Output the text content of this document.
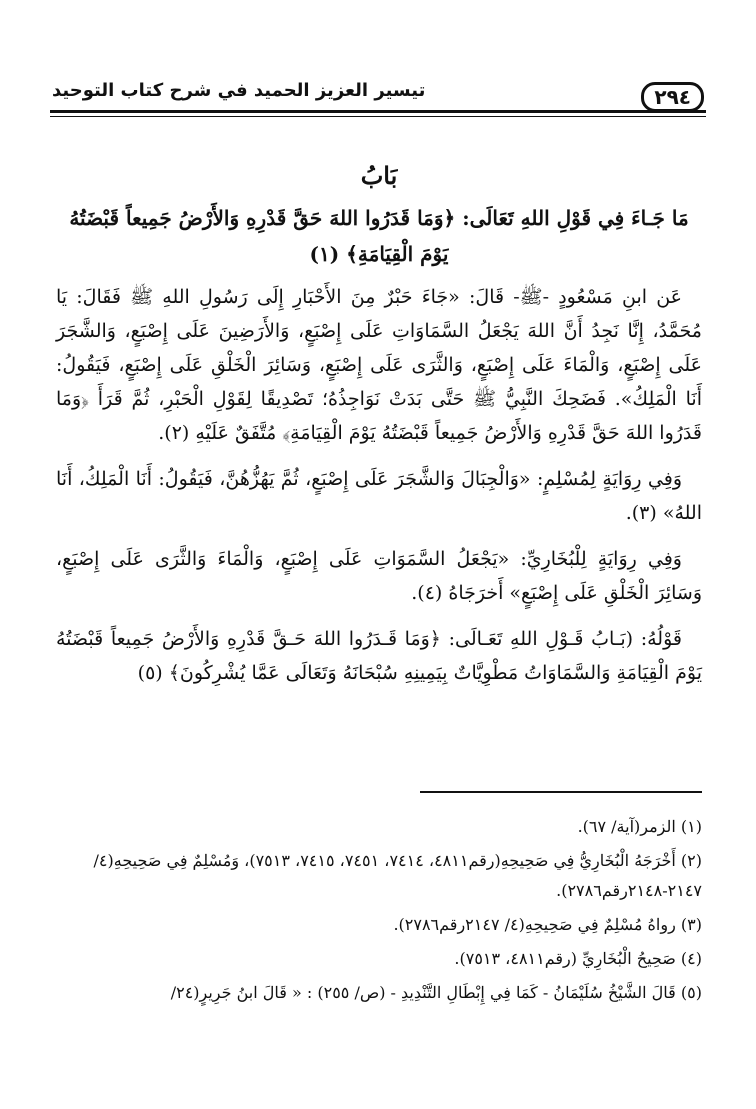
٢٩٤
تيسير العزيز الحميد في شرح كتاب التوحيد
بَابُ
مَا جَـاءَ فِي قَوْلِ اللهِ تَعَالَى: ﴿وَمَا قَدَرُوا اللهَ حَقَّ قَدْرِهِ وَالأَرْضُ جَمِيعاً قَبْضَتُهُ يَوْمَ الْقِيَامَةِ﴾ (١)

عَن ابنِ مَسْعُودٍ -ﷺ- قَالَ: «جَاءَ حَبْرٌ مِنَ الأَحْبَارِ إِلَى رَسُولِ اللهِ ﷺ فَقَالَ: يَا مُحَمَّدُ، إِنَّا نَجِدُ أَنَّ اللهَ يَجْعَلُ السَّمَاوَاتِ عَلَى إِصْبَعٍ، وَالأَرَضِينَ عَلَى إِصْبَعٍ، وَالشَّجَرَ عَلَى إِصْبَعٍ، وَالْمَاءَ عَلَى إِصْبَعٍ، وَالثَّرَى عَلَى إِصْبَعٍ، وَسَائِرَ الْخَلْقِ عَلَى إِصْبَعٍ، فَيَقُولُ: أَنَا الْمَلِكُ». فَضَحِكَ النَّبِيُّ ﷺ حَتَّى بَدَتْ نَوَاجِذُهُ؛ تَصْدِيقًا لِقَوْلِ الْحَبْرِ، ثُمَّ قَرَأَ ﴿وَمَا قَدَرُوا اللهَ حَقَّ قَدْرِهِ وَالأَرْضُ جَمِيعاً قَبْضَتُهُ يَوْمَ الْقِيَامَةِ﴾ مُتَّفَقٌ عَلَيْهِ (٢).

وَفِي رِوَايَةٍ لِمُسْلِمٍ: «وَالْجِبَالَ وَالشَّجَرَ عَلَى إِصْبَعٍ، ثُمَّ يَهُزُّهُنَّ، فَيَقُولُ: أَنَا الْمَلِكُ، أَنَا اللهُ» (٣).

وَفِي رِوَايَةٍ لِلْبُخَارِيِّ: «يَجْعَلُ السَّمَوَاتِ عَلَى إِصْبَعٍ، وَالْمَاءَ وَالثَّرَى عَلَى إِصْبَعٍ، وَسَائِرَ الْخَلْقِ عَلَى إِصْبَعٍ» أَخرَجَاهُ (٤).

قَوْلُهُ: (بَـابُ قَـوْلِ اللهِ تَعَـالَى: ﴿وَمَا قَـدَرُوا اللهَ حَـقَّ قَدْرِهِ وَالأَرْضُ جَمِيعاً قَبْضَتُهُ يَوْمَ الْقِيَامَةِ وَالسَّمَاوَاتُ مَطْوِيَّاتٌ بِيَمِينِهِ سُبْحَانَهُ وَتَعَالَى عَمَّا يُشْرِكُونَ﴾ (٥)

(١) الزمر(آية/ ٦٧).

(٢) أَخْرَجَهُ الْبُخَارِيُّ فِي صَحِيحِهِ(رقم٤٨١١، ٧٤١٤، ٧٤٥١، ٧٤١٥، ٧٥١٣)، وَمُسْلِمٌ فِي صَحِيحِهِ(٤/ ٢١٤٧-٢١٤٨رقم٢٧٨٦).

(٣) رواهُ مُسْلِمٌ فِي صَحِيحِهِ(٤/ ٢١٤٧رقم٢٧٨٦).

(٤) صَحِيحُ الْبُخَارِيِّ (رقم٤٨١١، ٧٥١٣).

(٥) قَالَ الشَّيْخُ سُلَيْمَانُ - كَمَا فِي إِبْطَالِ التَّنْدِيدِ - (ص/ ٢٥٥) : « قَالَ ابنُ جَرِيرٍ(٢٤/
